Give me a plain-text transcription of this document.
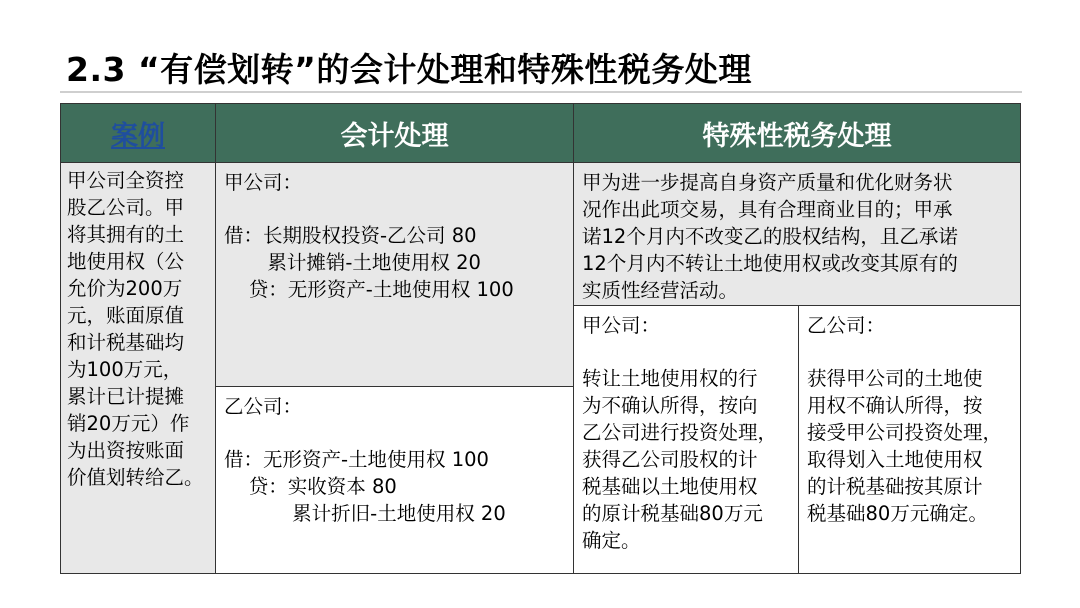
2.3 “有偿划转”的会计处理和特殊性税务处理
案例	会计处理	特殊性税务处理
甲公司全资控
股乙公司。甲
将其拥有的土
地使用权（公
允价为200万
元，账面原值
和计税基础均
为100万元，
累计已计提摊
销20万元）作
为出资按账面
价值划转给乙。
甲公司：
借：长期股权投资-乙公司 80
累计摊销-土地使用权 20
贷：无形资产-土地使用权 100
乙公司：
借：无形资产-土地使用权 100
贷：实收资本 80
累计折旧-土地使用权 20
甲为进一步提高自身资产质量和优化财务状
况作出此项交易，具有合理商业目的；甲承
诺12个月内不改变乙的股权结构，且乙承诺
12个月内不转让土地使用权或改变其原有的
实质性经营活动。
甲公司：
转让土地使用权的行
为不确认所得，按向
乙公司进行投资处理，
获得乙公司股权的计
税基础以土地使用权
的原计税基础80万元
确定。
乙公司：
获得甲公司的土地使
用权不确认所得，按
接受甲公司投资处理，
取得划入土地使用权
的计税基础按其原计
税基础80万元确定。
